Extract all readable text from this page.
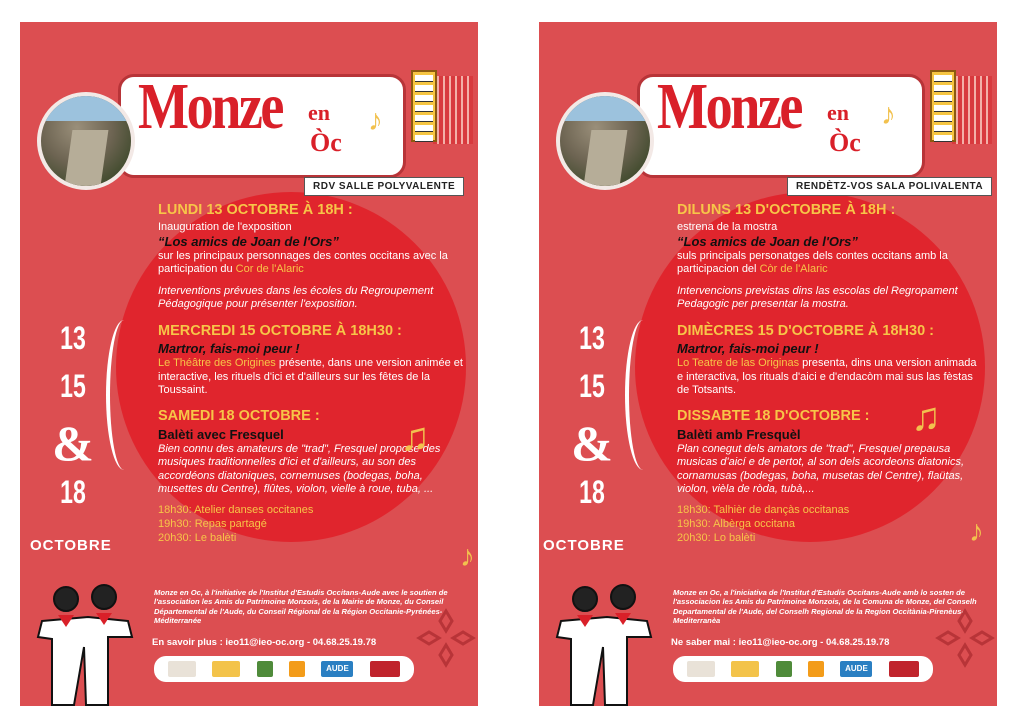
Monze en
Òc
♪
RDV SALLE POLYVALENTE
13
15
&
18
OCTOBRE
LUNDI 13 OCTOBRE À 18H :
Inauguration de l'exposition
“Los amics de Joan de l'Ors”
sur les principaux personnages des contes occitans avec la participation du Cor de l'Alaric
Interventions prévues dans les écoles du Regroupement Pédagogique pour présenter l'exposition.
MERCREDI 15 OCTOBRE À 18H30 :
Martror, fais-moi peur !
Le Théâtre des Origines présente, dans une version animée et interactive, les rituels d'ici et d'ailleurs sur les fêtes de la Toussaint.
SAMEDI 18 OCTOBRE :
Balèti avec Fresquel
Bien connu des amateurs de "trad", Fresquel propose des musiques traditionnelles d'ici et d'ailleurs, au son des accordéons diatoniques, cornemuses (bodegas, boha, musettes du Centre), flûtes, violon, vielle à roue, tuba, ...
18h30: Atelier danses occitanes
19h30: Repas partagé
20h30: Le balèti
♫
♪
Monze en Oc, à l'initiative de l'Institut d'Estudis Occitans-Aude avec le soutien de l'association les Amis du Patrimoine Monzois, de la Mairie de Monze, du Conseil Départemental de l'Aude, du Conseil Régional de la Région Occitanie-Pyrénées-Méditerranée
En savoir plus : ieo11@ieo-oc.org - 04.68.25.19.78
AUDE
Monze en
Òc
♪
RENDÈTZ-VOS SALA POLIVALENTA
13
15
&
18
OCTOBRE
DILUNS 13 D'OCTOBRE À 18H :
estrena de la mostra
“Los amics de Joan de l'Ors”
suls principals personatges dels contes occitans amb la participacion del Còr de l'Alaric
Intervencions previstas dins las escolas del Regropament Pedagogic per presentar la mostra.
DIMÈCRES 15 D'OCTOBRE À 18H30 :
Martror, fais-moi peur !
Lo Teatre de las Originas presenta, dins una version animada e interactiva, los rituals d'aici e d'endacòm mai sus las fèstas de Totsants.
DISSABTE 18 D'OCTOBRE :
Balèti amb Fresquèl
Plan conegut dels amators de "trad", Fresquel prepausa musicas d'aicí e de pertot, al son dels acordeons diatonics, cornamusas (bodegas, boha, musetas del Centre), flaütas, violon, vièla de ròda, tubà,...
18h30: Talhièr de dançàs occitanas
19h30: Albèrga occitana
20h30: Lo balèti
♫
♪
Monze en Oc, a l'iniciativa de l'Institut d'Estudis Occitans-Aude amb lo sosten de l'associacion les Amis du Patrimoine Monzois, de la Comuna de Monze, del Conselh Departamental de l'Aude, del Conselh Regional de la Region Occitània-Pirenèus-Mediterranèa
Ne saber mai : ieo11@ieo-oc.org - 04.68.25.19.78
AUDE
